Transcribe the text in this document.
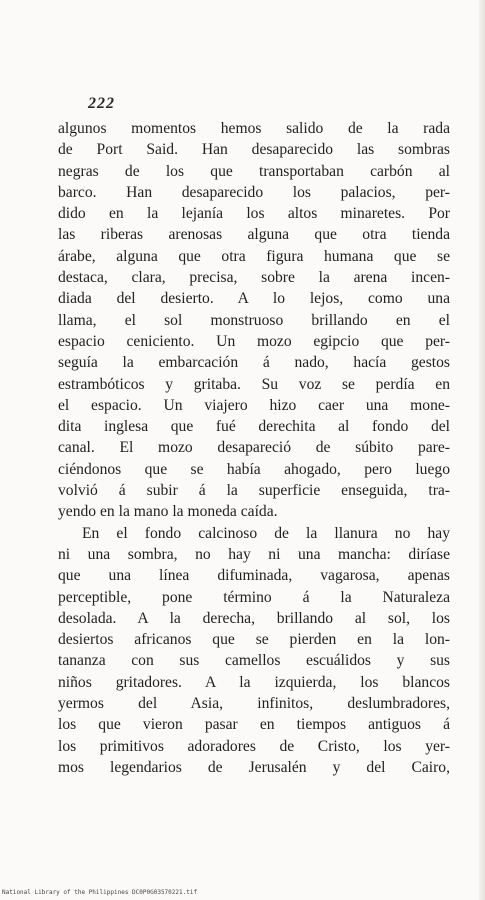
222
algunos momentos hemos salido de la rada
de Port Said. Han desaparecido las sombras
negras de los que transportaban carbón al
barco. Han desaparecido los palacios, per-
dido en la lejanía los altos minaretes. Por
las riberas arenosas alguna que otra tienda
árabe, alguna que otra figura humana que se
destaca, clara, precisa, sobre la arena incen-
diada del desierto. A lo lejos, como una
llama, el sol monstruoso brillando en el
espacio ceniciento. Un mozo egipcio que per-
seguía la embarcación á nado, hacía gestos
estrambóticos y gritaba. Su voz se perdía en
el espacio. Un viajero hizo caer una mone-
dita inglesa que fué derechita al fondo del
canal. El mozo desapareció de súbito pare-
ciéndonos que se había ahogado, pero luego
volvió á subir á la superficie enseguida, tra-
yendo en la mano la moneda caída.
En el fondo calcinoso de la llanura no hay
ni una sombra, no hay ni una mancha: diríase
que una línea difuminada, vagarosa, apenas
perceptible, pone término á la Naturaleza
desolada. A la derecha, brillando al sol, los
desiertos africanos que se pierden en la lon-
tananza con sus camellos escuálidos y sus
niños gritadores. A la izquierda, los blancos
yermos del Asia, infinitos, deslumbradores,
los que vieron pasar en tiempos antiguos á
los primitivos adoradores de Cristo, los yer-
mos legendarios de Jerusalén y del Cairo,
National Library of the Philippines DC0P0G03570221.tif
